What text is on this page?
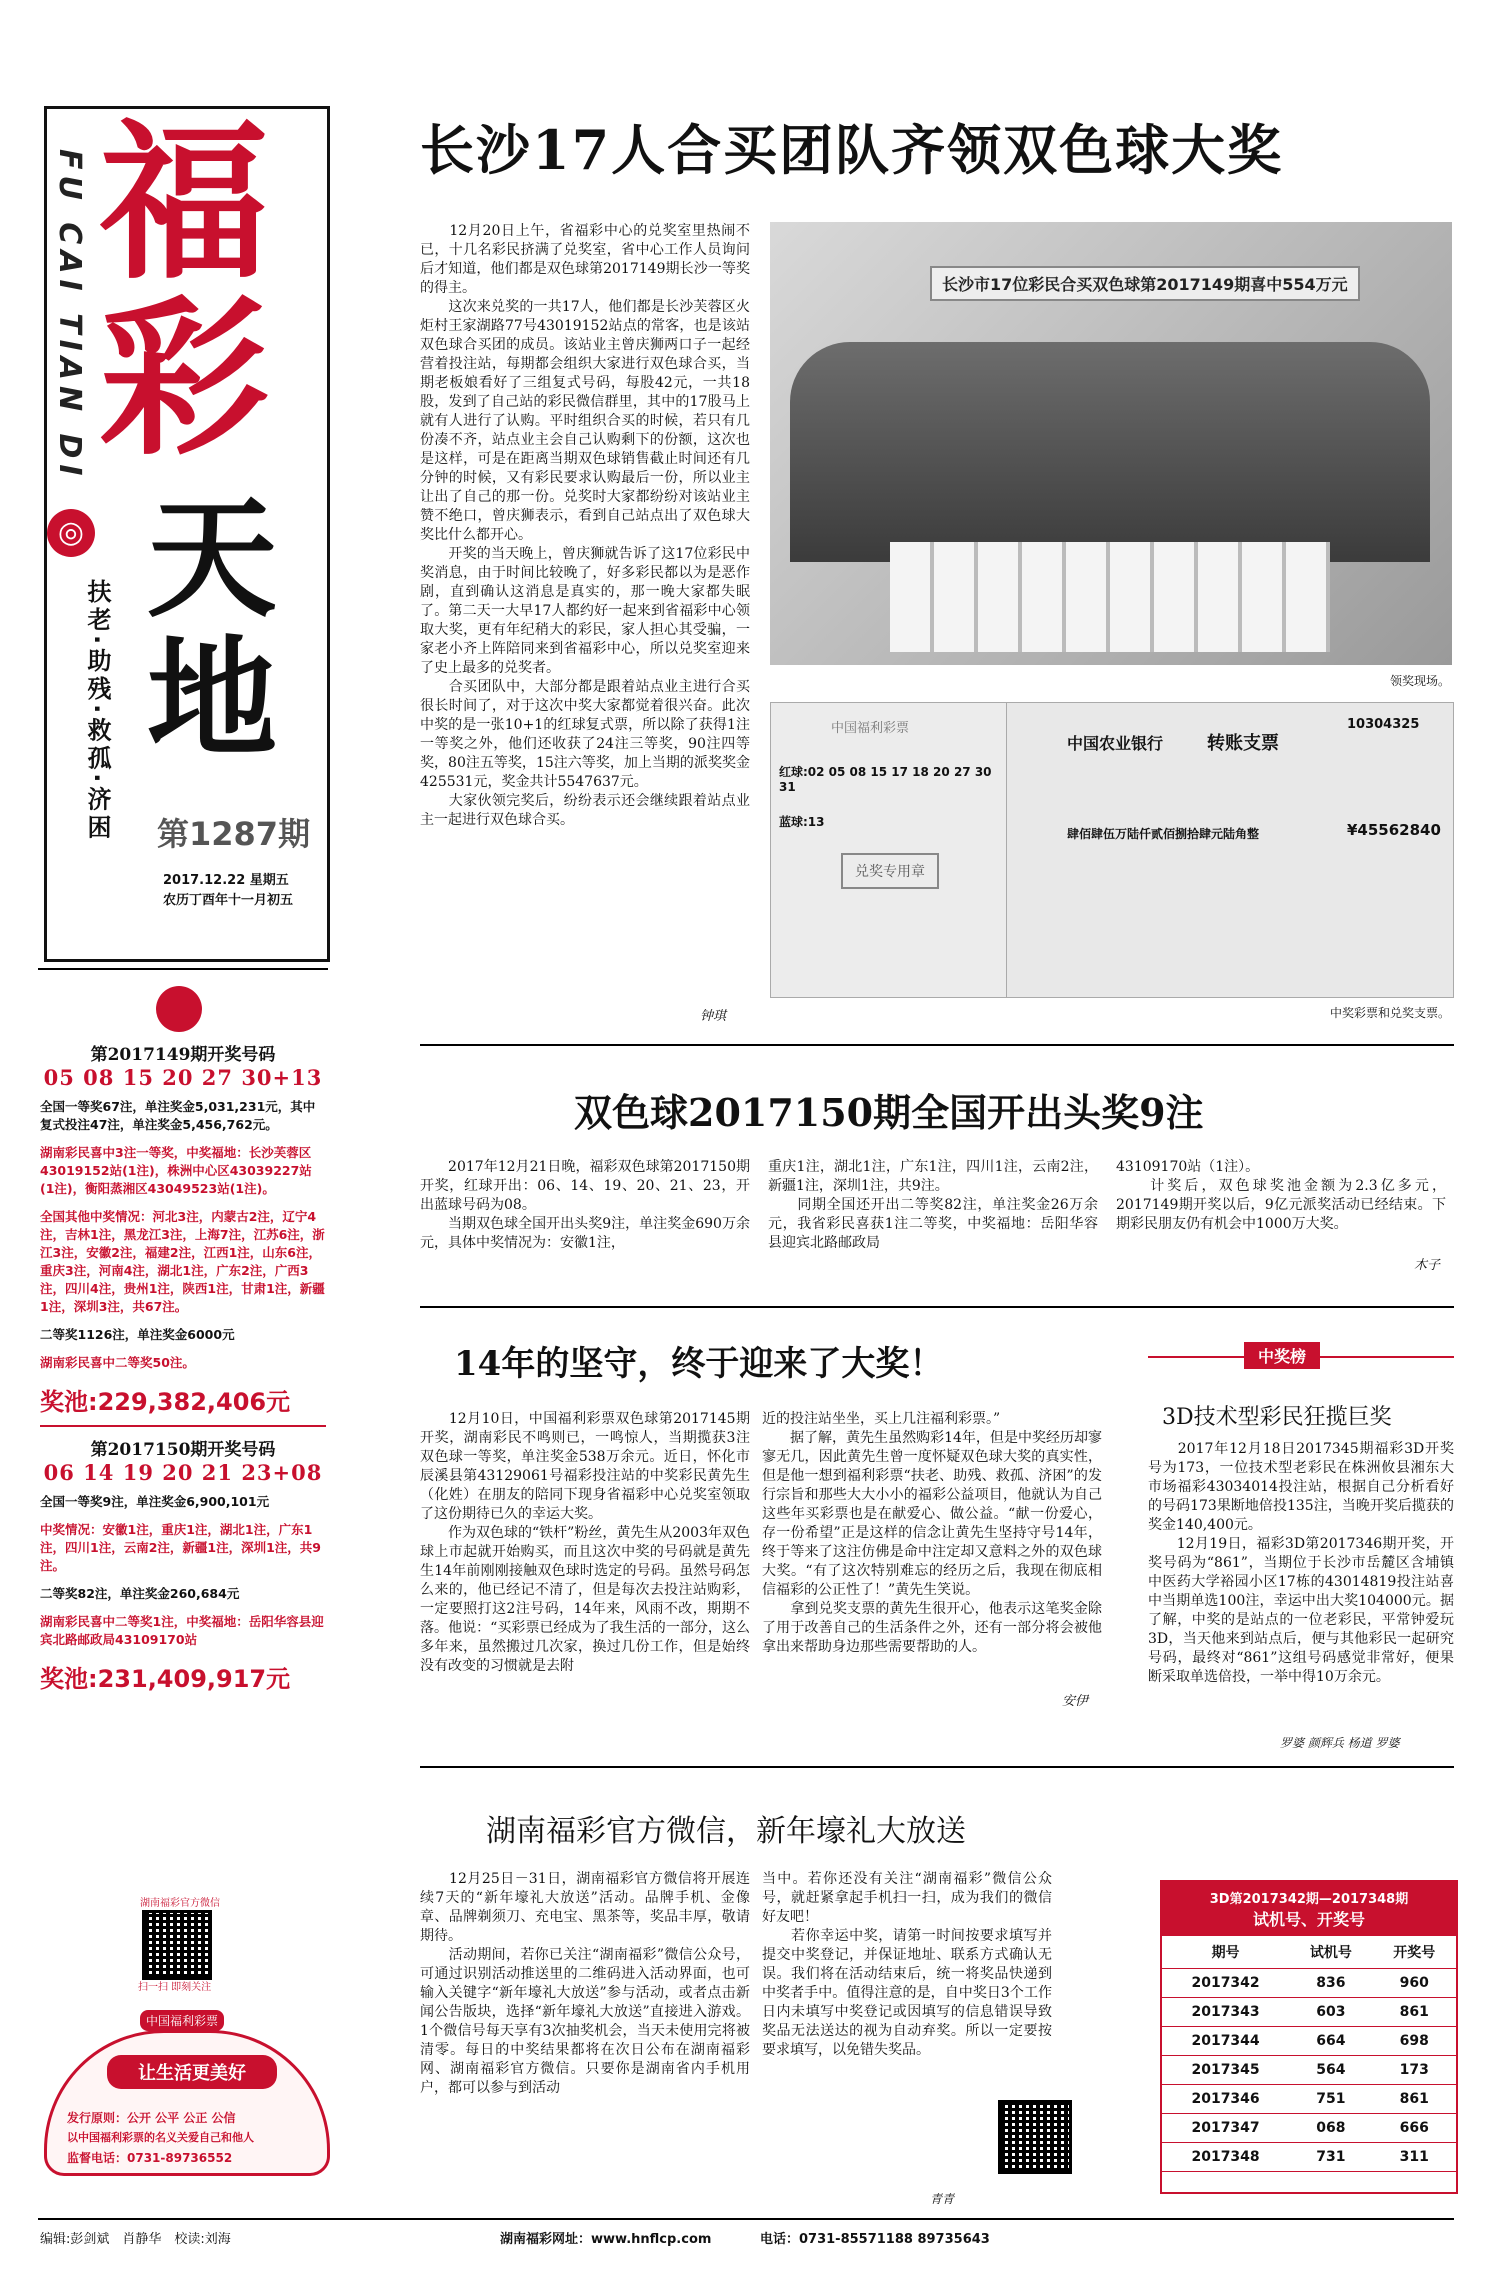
FU CAI TIAN DI 福
彩
天
地
◎
扶老·助残·救孤·济困 第1287期
2017.12.22 星期五
农历丁酉年十一月初五
第2017149期开奖号码
05 08 15 20 27 30+13
全国一等奖67注，单注奖金5,031,231元，其中复式投注47注，单注奖金5,456,762元。
湖南彩民喜中3注一等奖，中奖福地：长沙芙蓉区43019152站(1注)，株洲中心区43039227站(1注)，衡阳蒸湘区43049523站(1注)。
全国其他中奖情况：河北3注，内蒙古2注，辽宁4注，吉林1注，黑龙江3注，上海7注，江苏6注，浙江3注，安徽2注，福建2注，江西1注，山东6注，重庆3注，河南4注，湖北1注，广东2注，广西3注，四川4注，贵州1注，陕西1注，甘肃1注，新疆1注，深圳3注，共67注。
二等奖1126注，单注奖金6000元
湖南彩民喜中二等奖50注。
奖池:229,382,406元
第2017150期开奖号码
06 14 19 20 21 23+08
全国一等奖9注，单注奖金6,900,101元
中奖情况：安徽1注，重庆1注，湖北1注，广东1注，四川1注，云南2注，新疆1注，深圳1注，共9注。
二等奖82注，单注奖金260,684元
湖南彩民喜中二等奖1注，中奖福地：岳阳华容县迎宾北路邮政局43109170站
奖池:231,409,917元
湖南福彩官方微信
扫一扫 即刻关注
中国福利彩票
让生活更美好
发行原则：公开 公平 公正 公信
以中国福利彩票的名义关爱自己和他人
监督电话：0731-89736552
长沙17人合买团队齐领双色球大奖
　　12月20日上午，省福彩中心的兑奖室里热闹不已，十几名彩民挤满了兑奖室，省中心工作人员询问后才知道，他们都是双色球第2017149期长沙一等奖的得主。
　　这次来兑奖的一共17人，他们都是长沙芙蓉区火炬村王家湖路77号43019152站点的常客，也是该站双色球合买团的成员。该站业主曾庆狮两口子一起经营着投注站，每期都会组织大家进行双色球合买，当期老板娘看好了三组复式号码，每股42元，一共18股，发到了自己站的彩民微信群里，其中的17股马上就有人进行了认购。平时组织合买的时候，若只有几份凑不齐，站点业主会自己认购剩下的份额，这次也是这样，可是在距离当期双色球销售截止时间还有几分钟的时候，又有彩民要求认购最后一份，所以业主让出了自己的那一份。兑奖时大家都纷纷对该站业主赞不绝口，曾庆狮表示，看到自己站点出了双色球大奖比什么都开心。
　　开奖的当天晚上，曾庆狮就告诉了这17位彩民中奖消息，由于时间比较晚了，好多彩民都以为是恶作剧，直到确认这消息是真实的，那一晚大家都失眠了。第二天一大早17人都约好一起来到省福彩中心领取大奖，更有年纪稍大的彩民，家人担心其受骗，一家老小齐上阵陪同来到省福彩中心，所以兑奖室迎来了史上最多的兑奖者。
　　合买团队中，大部分都是跟着站点业主进行合买很长时间了，对于这次中奖大家都觉着很兴奋。此次中奖的是一张10+1的红球复式票，所以除了获得1注一等奖之外，他们还收获了24注三等奖，90注四等奖，80注五等奖，15注六等奖，加上当期的派奖奖金425531元，奖金共计5547637元。
　　大家伙领完奖后，纷纷表示还会继续跟着站点业主一起进行双色球合买。
钟琪
长沙市17位彩民合买双色球第2017149期喜中554万元
领奖现场。
中国福利彩票
红球:02 05 08 15 17 18 20 27 30 31
蓝球:13
兑奖专用章
中国农业银行 转账支票
10304325
肆佰肆伍万陆仟贰佰捌拾肆元陆角整	¥45562840
中奖彩票和兑奖支票。
双色球2017150期全国开出头奖9注
　　2017年12月21日晚，福彩双色球第2017150期开奖，红球开出：06、14、19、20、21、23，开出蓝球号码为08。
　　当期双色球全国开出头奖9注，单注奖金690万余元，具体中奖情况为：安徽1注，
重庆1注，湖北1注，广东1注，四川1注，云南2注，新疆1注，深圳1注，共9注。
　　同期全国还开出二等奖82注，单注奖金26万余元，我省彩民喜获1注二等奖，中奖福地：岳阳华容县迎宾北路邮政局
43109170站（1注）。
　　计奖后，双色球奖池金额为2.3亿多元，2017149期开奖以后，9亿元派奖活动已经结束。下期彩民朋友仍有机会中1000万大奖。
木子
14年的坚守，终于迎来了大奖！
　　12月10日，中国福利彩票双色球第2017145期开奖，湖南彩民不鸣则已，一鸣惊人，当期揽获3注双色球一等奖，单注奖金538万余元。近日，怀化市辰溪县第43129061号福彩投注站的中奖彩民黄先生（化姓）在朋友的陪同下现身省福彩中心兑奖室领取了这份期待已久的幸运大奖。
　　作为双色球的“铁杆”粉丝，黄先生从2003年双色球上市起就开始购买，而且这次中奖的号码就是黄先生14年前刚刚接触双色球时选定的号码。虽然号码怎么来的，他已经记不清了，但是每次去投注站购彩，一定要照打这2注号码，14年来，风雨不改，期期不落。他说：“买彩票已经成为了我生活的一部分，这么多年来，虽然搬过几次家，换过几份工作，但是始终没有改变的习惯就是去附
近的投注站坐坐，买上几注福利彩票。”
　　据了解，黄先生虽然购彩14年，但是中奖经历却寥寥无几，因此黄先生曾一度怀疑双色球大奖的真实性，但是他一想到福利彩票“扶老、助残、救孤、济困”的发行宗旨和那些大大小小的福彩公益项目，他就认为自己这些年买彩票也是在献爱心、做公益。“献一份爱心，存一份希望”正是这样的信念让黄先生坚持守号14年，终于等来了这注仿佛是命中注定却又意料之外的双色球大奖。“有了这次特别难忘的经历之后，我现在彻底相信福彩的公正性了！”黄先生笑说。
　　拿到兑奖支票的黄先生很开心，他表示这笔奖金除了用于改善自己的生活条件之外，还有一部分将会被他拿出来帮助身边那些需要帮助的人。
安伊
中奖榜
3D技术型彩民狂揽巨奖
　　2017年12月18日2017345期福彩3D开奖号为173，一位技术型老彩民在株洲攸县湘东大市场福彩43034014投注站，根据自己分析看好的号码173果断地倍投135注，当晚开奖后揽获的奖金140,400元。
　　12月19日，福彩3D第2017346期开奖，开奖号码为“861”，当期位于长沙市岳麓区含埔镇中医药大学裕园小区17栋的43014819投注站喜中当期单选100注，幸运中出大奖104000元。据了解，中奖的是站点的一位老彩民，平常钟爱玩3D，当天他来到站点后，便与其他彩民一起研究号码，最终对“861”这组号码感觉非常好，便果断采取单选倍投，一举中得10万余元。
罗婆 颜辉兵 杨道 罗婆
湖南福彩官方微信，新年壕礼大放送
　　12月25日－31日，湖南福彩官方微信将开展连续7天的“新年壕礼大放送”活动。品牌手机、金像章、品牌剃须刀、充电宝、黑茶等，奖品丰厚，敬请期待。
　　活动期间，若你已关注“湖南福彩”微信公众号，可通过识别活动推送里的二维码进入活动界面，也可输入关键字“新年壕礼大放送”参与活动，或者点击新闻公告版块，选择“新年壕礼大放送”直接进入游戏。1个微信号每天享有3次抽奖机会，当天未使用完将被清零。每日的中奖结果都将在次日公布在湖南福彩网、湖南福彩官方微信。只要你是湖南省内手机用户，都可以参与到活动
当中。若你还没有关注“湖南福彩”微信公众号，就赶紧拿起手机扫一扫，成为我们的微信好友吧！
　　若你幸运中奖，请第一时间按要求填写并提交中奖登记，并保证地址、联系方式确认无误。我们将在活动结束后，统一将奖品快递到中奖者手中。值得注意的是，自中奖日3个工作日内未填写中奖登记或因填写的信息错误导致奖品无法送达的视为自动弃奖。所以一定要按要求填写，以免错失奖品。
青青
3D第2017342期—2017348期
试机号、开奖号
期号	试机号	开奖号
2017342	836	960
2017343	603	861
2017344	664	698
2017345	564	173
2017346	751	861
2017347	068	666
2017348	731	311
编辑:彭剑斌　肖静华　校读:刘海	湖南福彩网址：www.hnflcp.com	电话：0731-85571188 89735643
